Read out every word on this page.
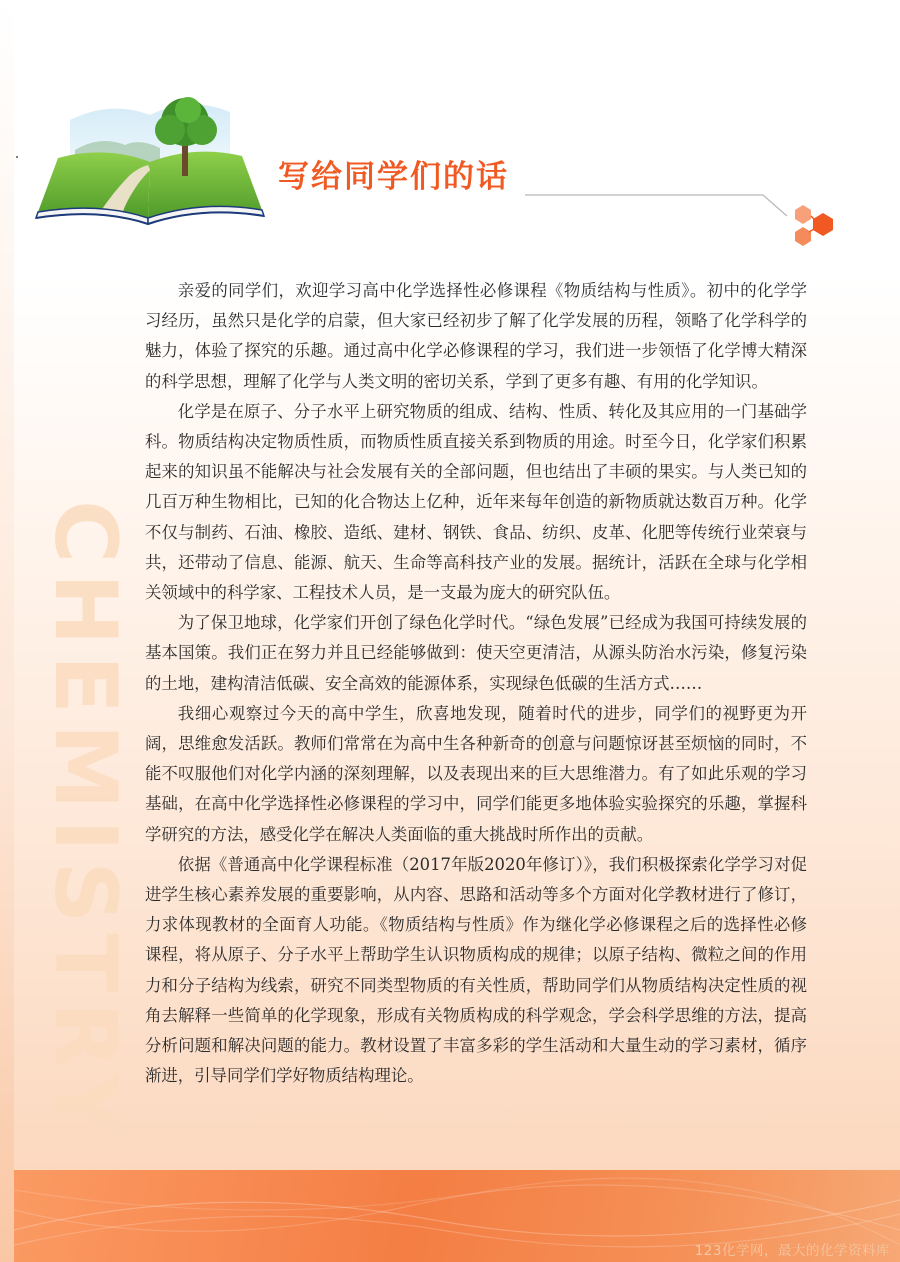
CHEMISTRY
写给同学们的话

亲爱的同学们，欢迎学习高中化学选择性必修课程《物质结构与性质》。初中的化学学习经历，虽然只是化学的启蒙，但大家已经初步了解了化学发展的历程，领略了化学科学的魅力，体验了探究的乐趣。通过高中化学必修课程的学习，我们进一步领悟了化学博大精深的科学思想，理解了化学与人类文明的密切关系，学到了更多有趣、有用的化学知识。

化学是在原子、分子水平上研究物质的组成、结构、性质、转化及其应用的一门基础学科。物质结构决定物质性质，而物质性质直接关系到物质的用途。时至今日，化学家们积累起来的知识虽不能解决与社会发展有关的全部问题，但也结出了丰硕的果实。与人类已知的几百万种生物相比，已知的化合物达上亿种，近年来每年创造的新物质就达数百万种。化学不仅与制药、石油、橡胶、造纸、建材、钢铁、食品、纺织、皮革、化肥等传统行业荣衰与共，还带动了信息、能源、航天、生命等高科技产业的发展。据统计，活跃在全球与化学相关领域中的科学家、工程技术人员，是一支最为庞大的研究队伍。

为了保卫地球，化学家们开创了绿色化学时代。“绿色发展”已经成为我国可持续发展的基本国策。我们正在努力并且已经能够做到：使天空更清洁，从源头防治水污染，修复污染的土地，建构清洁低碳、安全高效的能源体系，实现绿色低碳的生活方式……

我细心观察过今天的高中学生，欣喜地发现，随着时代的进步，同学们的视野更为开阔，思维愈发活跃。教师们常常在为高中生各种新奇的创意与问题惊讶甚至烦恼的同时，不能不叹服他们对化学内涵的深刻理解，以及表现出来的巨大思维潜力。有了如此乐观的学习基础，在高中化学选择性必修课程的学习中，同学们能更多地体验实验探究的乐趣，掌握科学研究的方法，感受化学在解决人类面临的重大挑战时所作出的贡献。

依据《普通高中化学课程标准（2017年版2020年修订）》，我们积极探索化学学习对促进学生核心素养发展的重要影响，从内容、思路和活动等多个方面对化学教材进行了修订，力求体现教材的全面育人功能。《物质结构与性质》作为继化学必修课程之后的选择性必修课程，将从原子、分子水平上帮助学生认识物质构成的规律；以原子结构、微粒之间的作用力和分子结构为线索，研究不同类型物质的有关性质，帮助同学们从物质结构决定性质的视角去解释一些简单的化学现象，形成有关物质构成的科学观念，学会科学思维的方法，提高分析问题和解决问题的能力。教材设置了丰富多彩的学生活动和大量生动的学习素材，循序渐进，引导同学们学好物质结构理论。

123化学网，最大的化学资料库
